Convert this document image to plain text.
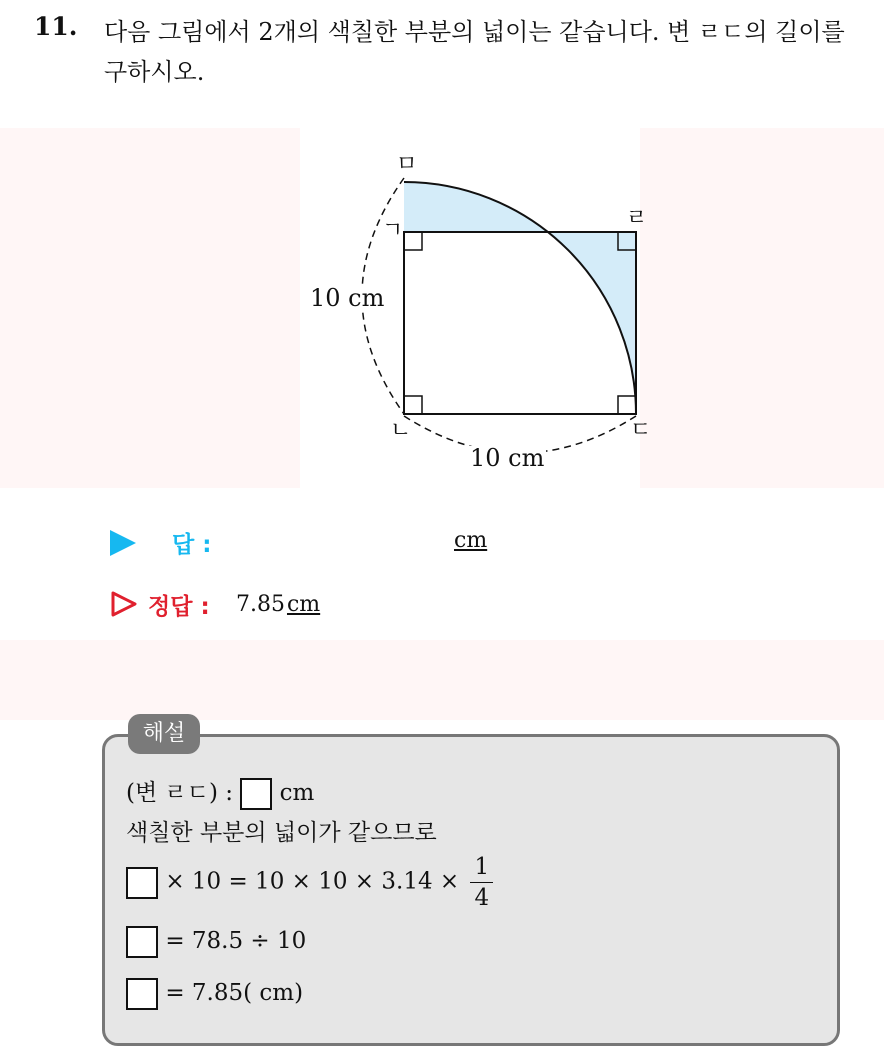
11. 다음 그림에서 2개의 색칠한 부분의 넓이는 같습니다. 변 ㄹㄷ의 길이를 구하시오.
ㅁ
ㄱ	ㄹ
ㄴ	ㄷ
10 cm
10 cm
답 :	cm
정답 : 7.85cm
해설
(변 ㄹㄷ) : cm
색칠한 부분의 넓이가 같으므로
× $10 = 10 \times 10 \times 3.14 \times \frac{1}{4}$
= 78.5 ÷ 10
= 7.85( cm)
